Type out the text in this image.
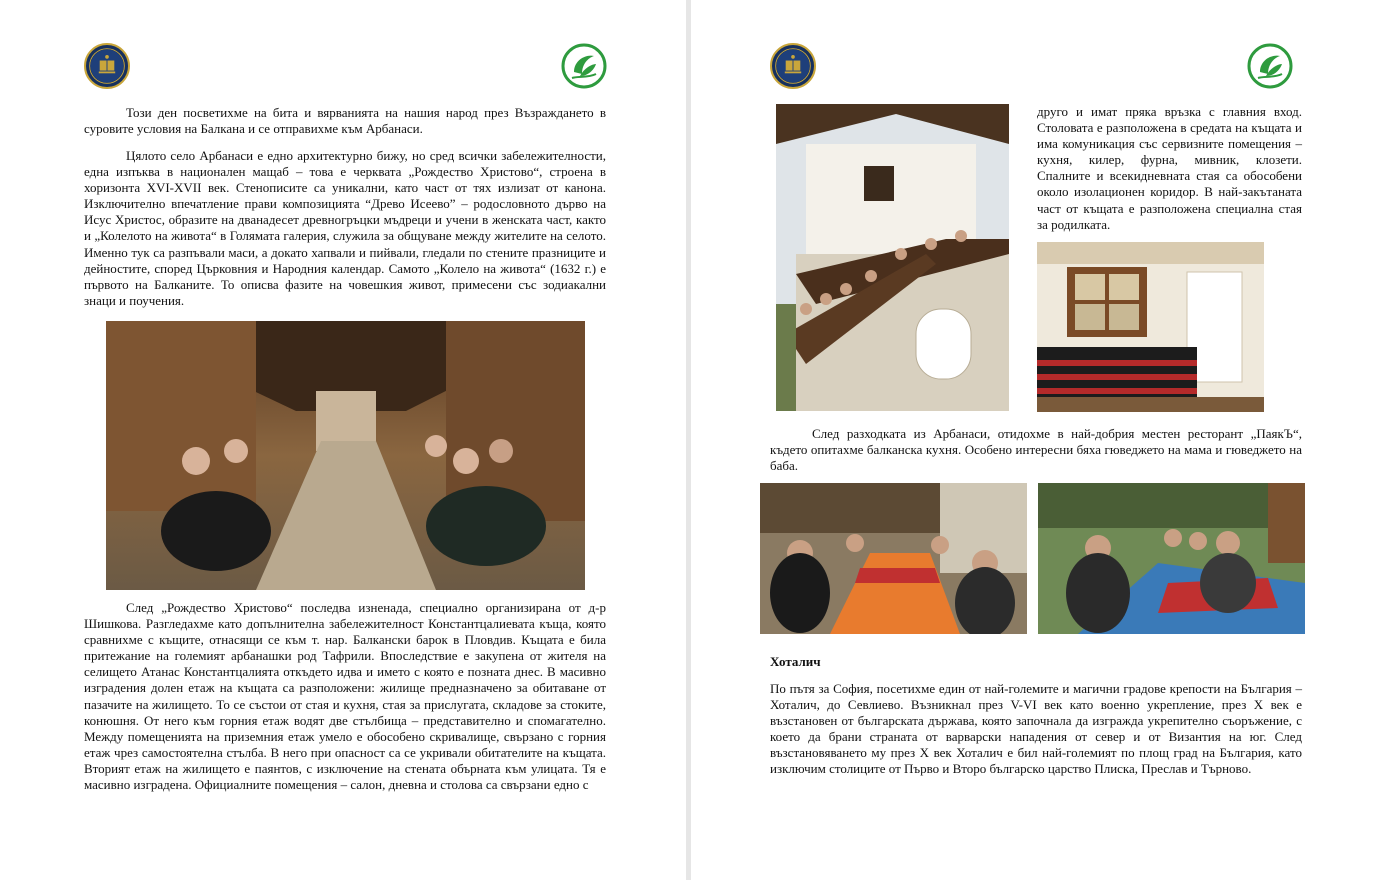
Този ден посветихме на бита и вярванията на нашия народ през Възраждането в суровите условия на Балкана и се отправихме към Арбанаси.

Цялото село Арбанаси е едно архитектурно бижу, но сред всички забележителности, една изпъква в национален мащаб – това е черквата „Рождество Христово“, строена в хоризонта XVI-XVII век. Стенописите са уникални, като част от тях излизат от канона. Изключително впечатление прави композицията “Древо Исеево” – родословното дърво на Исус Христос, образите на дванадесет древногръцки мъдреци и учени в женската част, както и „Колелото на живота“ в Голямата галерия, служила за общуване между жителите на селото. Именно тук са разпъвали маси, а докато хапвали и пийвали, гледали по стените празниците и дейностите, според Църковния и Народния календар. Самото „Колело на живота“ (1632 г.) е първото на Балканите. То описва фазите на човешкия живот, примесени със зодиакални знаци и поучения.

След „Рождество Христово“ последва изненада, специално организирана от д-р Шишкова. Разгледахме като допълнителна забележителност Константцалиевата къща, която сравнихме с къщите, отнасящи се към т. нар. Балкански барок в Пловдив. Къщата е била притежание на големият арбанашки род Тафрили. Впоследствие е закупена от жителя на селището Атанас Константцалията откъдето идва и името с която е позната днес. В масивно изградения долен етаж на къщата са разположени: жилище предназначено за обитаване от пазачите на жилището. То се състои от стая и кухня, стая за прислугата, складове за стоките, конюшня. От него към горния етаж водят две стълбища – представително и спомагателно. Между помещенията на приземния етаж умело е обособено скривалище, свързано с горния етаж чрез самостоятелна стълба. В него при опасност са се укривали обитателите на къщата. Вторият етаж на жилището е паянтов, с изключение на стената обърната към улицата. Тя е масивно изградена. Официалните помещения – салон, дневна и столова са свързани едно с

друго и имат пряка връзка с главния вход. Столовата е разположена в средата на къщата и има комуникация със сервизните помещения – кухня, килер, фурна, мивник, клозети. Спалните и всекидневната стая са обособени около изолационен коридор. В най-закътаната част от къщата е разположена специална стая за родилката.

След разходката из Арбанаси, отидохме в най-добрия местен ресторант „ПаякЪ“, където опитахме балканска кухня. Особено интересни бяха гюведжето на мама и гюведжето на баба.

Хоталич

По пътя за София, посетихме един от най-големите и магични градове крепости на България – Хоталич, до Севлиево. Възникнал през V-VI век като военно укрепление, през X век е възстановен от българската държава, която започнала да изгражда укрепително съоръжение, с което да брани страната от варварски нападения от север и от Византия на юг. След възстановяването му през X век Хоталич е бил най-големият по площ град на България, като изключим столиците от Първо и Второ българско царство Плиска, Преслав и Търново.
